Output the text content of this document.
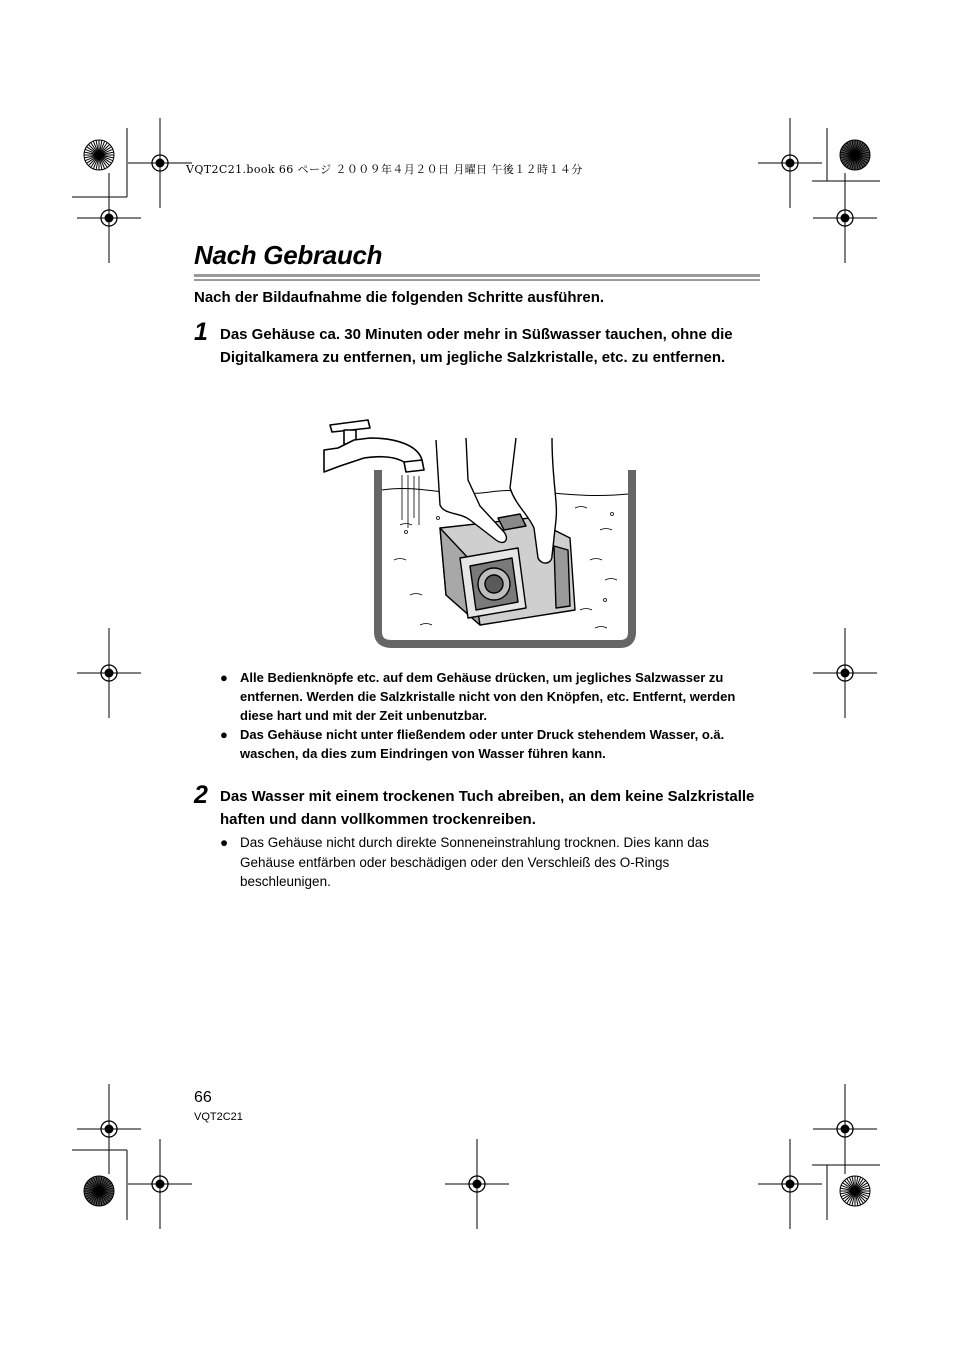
VQT2C21.book 66 ページ ２００９年４月２０日 月曜日 午後１２時１４分
Nach Gebrauch
Nach der Bildaufnahme die folgenden Schritte ausführen.
1 Das Gehäuse ca. 30 Minuten oder mehr in Süßwasser tauchen, ohne die Digitalkamera zu entfernen, um jegliche Salzkristalle, etc. zu entfernen.
● Alle Bedienknöpfe etc. auf dem Gehäuse drücken, um jegliches Salzwasser zu entfernen. Werden die Salzkristalle nicht von den Knöpfen, etc. Entfernt, werden diese hart und mit der Zeit unbenutzbar.
● Das Gehäuse nicht unter fließendem oder unter Druck stehendem Wasser, o.ä. waschen, da dies zum Eindringen von Wasser führen kann.
2 Das Wasser mit einem trockenen Tuch abreiben, an dem keine Salzkristalle haften und dann vollkommen trockenreiben.
● Das Gehäuse nicht durch direkte Sonneneinstrahlung trocknen. Dies kann das Gehäuse entfärben oder beschädigen oder den Verschleiß des O-Rings beschleunigen.
66
VQT2C21
